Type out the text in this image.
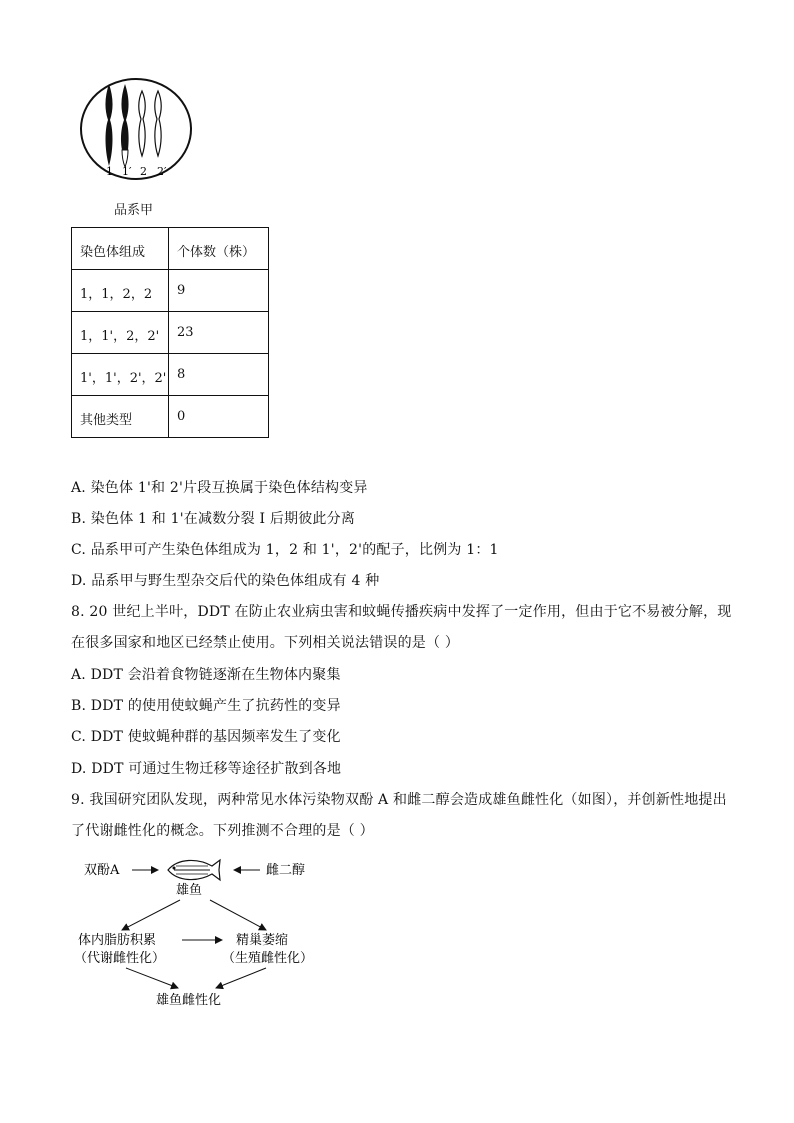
1 1′ 2 2′
品系甲
染色体组成 个体数（株）
1，1，2，2 9
1，1'，2，2' 23
1'，1'，2'，2' 8
其他类型	0
A. 染色体 1'和 2'片段互换属于染色体结构变异
B. 染色体 1 和 1'在减数分裂 I 后期彼此分离
C. 品系甲可产生染色体组成为 1，2 和 1'，2'的配子，比例为 1：1
D. 品系甲与野生型杂交后代的染色体组成有 4 种
8. 20 世纪上半叶，DDT 在防止农业病虫害和蚊蝇传播疾病中发挥了一定作用，但由于它不易被分解，现
在很多国家和地区已经禁止使用。下列相关说法错误的是（ ）
A. DDT 会沿着食物链逐渐在生物体内聚集
B. DDT 的使用使蚊蝇产生了抗药性的变异
C. DDT 使蚊蝇种群的基因频率发生了变化
D. DDT 可通过生物迁移等途径扩散到各地
9. 我国研究团队发现，两种常见水体污染物双酚 A 和雌二醇会造成雄鱼雌性化（如图），并创新性地提出
了代谢雌性化的概念。下列推测不合理的是（ ）
双酚A	雌二醇
雄鱼
体内脂肪积累
（代谢雌性化）
精巢萎缩
（生殖雌性化）
雄鱼雌性化
